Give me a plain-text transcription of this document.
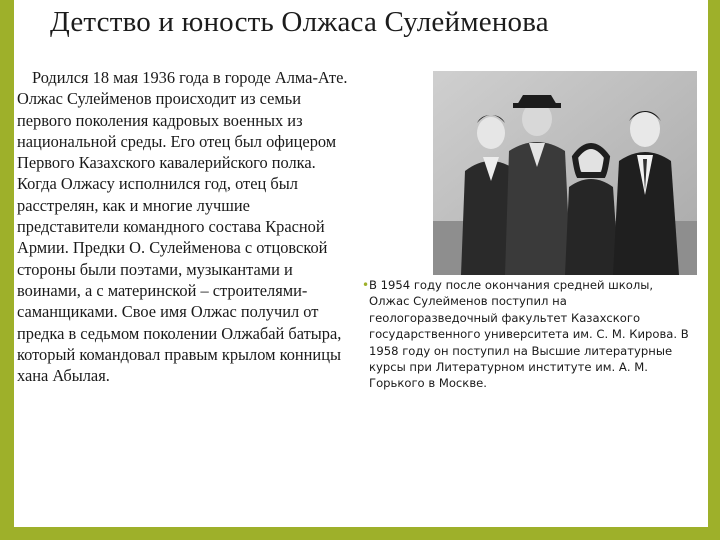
Детство и юность Олжаса Сулейменова
Родился 18 мая 1936 года в городе Алма-Ате. Олжас Сулейменов происходит из семьи первого поколения кадровых военных из национальной среды. Его отец был офицером Первого Казахского кавалерийского полка. Когда Олжасу исполнился год, отец был расстрелян, как и многие лучшие представители командного состава Красной Армии. Предки О. Сулейменова с отцовской стороны были поэтами, музыкантами и воинами, а с материнской – строителями-саманщиками. Свое имя Олжас получил от предка в седьмом поколении Олжабай батыра, который командовал правым крылом конницы хана Абылая.
• В 1954 году после окончания средней школы, Олжас Сулейменов поступил на геологоразведочный факультет Казахского государственного университета им. С. М. Кирова. В 1958 году он поступил на Высшие литературные курсы при Литературном институте им. А. М. Горького в Москве.
